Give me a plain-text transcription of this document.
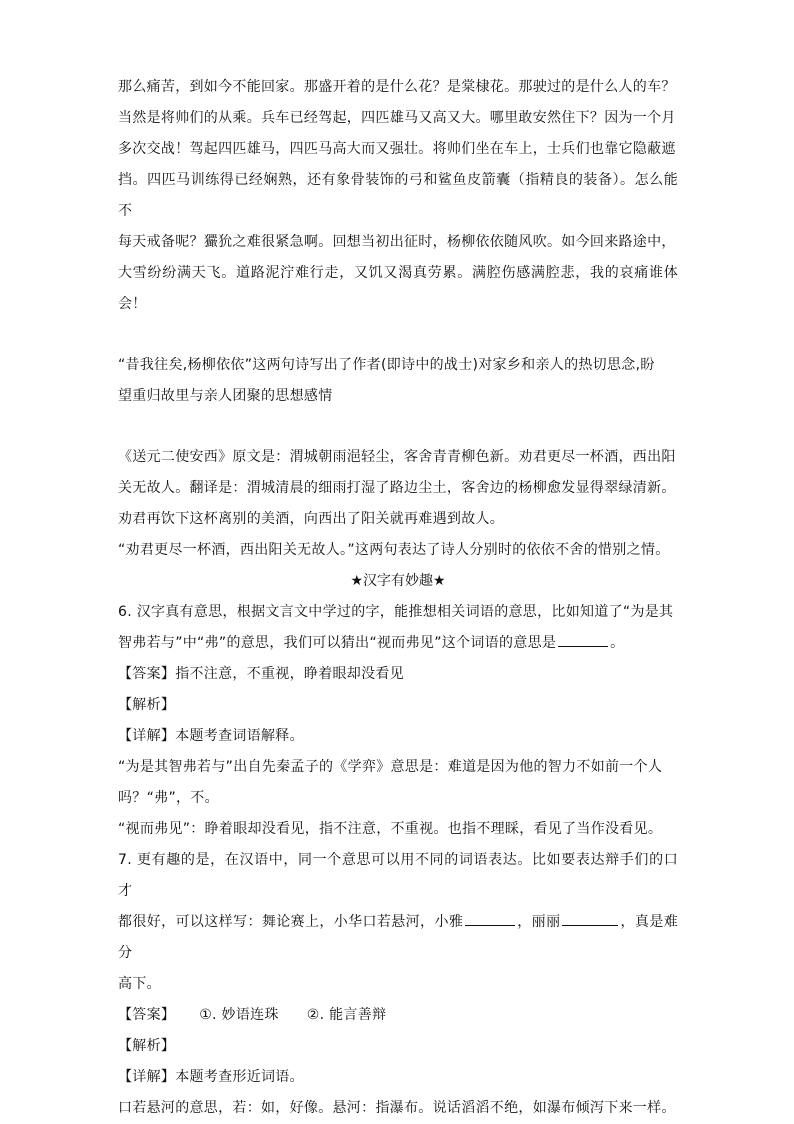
那么痛苦，到如今不能回家。那盛开着的是什么花？是棠棣花。那驶过的是什么人的车？

当然是将帅们的从乘。兵车已经驾起，四匹雄马又高又大。哪里敢安然住下？因为一个月

多次交战！驾起四匹雄马，四匹马高大而又强壮。将帅们坐在车上，士兵们也靠它隐蔽遮

挡。四匹马训练得已经娴熟，还有象骨装饰的弓和鲨鱼皮箭囊（指精良的装备）。怎么能不

每天戒备呢？玁狁之难很紧急啊。回想当初出征时，杨柳依依随风吹。如今回来路途中，

大雪纷纷满天飞。道路泥泞难行走，又饥又渴真劳累。满腔伤感满腔悲，我的哀痛谁体会！

“昔我往矣,杨柳依依”这两句诗写出了作者(即诗中的战士)对家乡和亲人的热切思念,盼

望重归故里与亲人团聚的思想感情

《送元二使安西》原文是：渭城朝雨浥轻尘，客舍青青柳色新。劝君更尽一杯酒，西出阳

关无故人。翻译是：渭城清晨的细雨打湿了路边尘土，客舍边的杨柳愈发显得翠绿清新。

劝君再饮下这杯离别的美酒，向西出了阳关就再难遇到故人。

“劝君更尽一杯酒，西出阳关无故人。”这两句表达了诗人分别时的依依不舍的惜别之情。

★汉字有妙趣★

6. 汉字真有意思，根据文言文中学过的字，能推想相关词语的意思，比如知道了“为是其

智弗若与”中“弗”的意思，我们可以猜出“视而弗见”这个词语的意思是	。

【答案】指不注意，不重视，睁着眼却没看见

【解析】

【详解】本题考查词语解释。

“为是其智弗若与”出自先秦孟子的《学弈》意思是：难道是因为他的智力不如前一个人

吗？“弗”，不。

“视而弗见”：睁着眼却没看见，指不注意，不重视。也指不理睬，看见了当作没看见。

7. 更有趣的是，在汉语中，同一个意思可以用不同的词语表达。比如要表达辩手们的口才

都很好，可以这样写：舞论赛上，小华口若悬河，小雅	，丽丽	，真是难分

高下。

【答案】 ①. 妙语连珠 ②. 能言善辩

【解析】

【详解】本题考查形近词语。

口若悬河的意思，若：如，好像。悬河：指瀑布。说话滔滔不绝，如瀑布倾泻下来一样。
